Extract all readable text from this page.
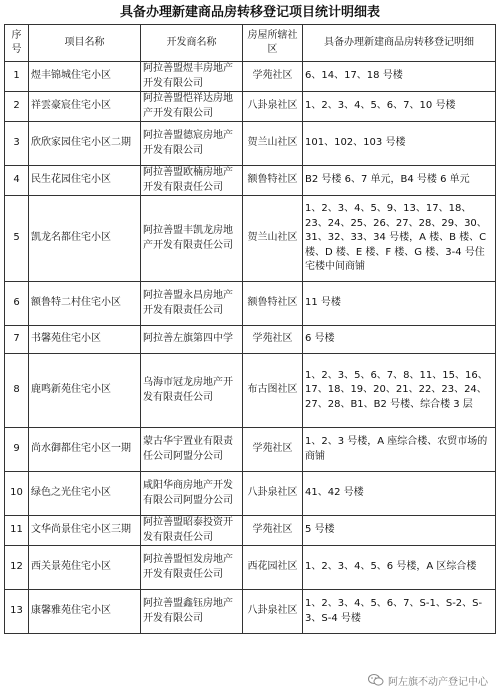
具备办理新建商品房转移登记项目统计明细表
序号	项目名称	开发商名称	房屋所辖社区	具备办理新建商品房转移登记明细
1	煜丰锦城住宅小区	阿拉善盟煜丰房地产开发有限公司	学苑社区	6、14、17、18 号楼
2	祥雲豪宸住宅小区	阿拉善盟恺祥达房地产开发有限公司	八卦泉社区	1、2、3、4、5、6、7、10 号楼
3	欣欣家园住宅小区二期	阿拉善盟德宸房地产开发有限公司	贺兰山社区	101、102、103 号楼
4	民生花园住宅小区	阿拉善盟欧楠房地产开发有限责任公司	额鲁特社区	B2 号楼 6、7 单元，B4 号楼 6 单元
5	凯龙名都住宅小区	阿拉善盟丰凯龙房地产开发有限责任公司	贺兰山社区	1、2、3、4、5、9、13、17、18、23、24、25、26、27、28、29、30、31、32、33、34 号楼，A 楼、B 楼、C 楼、D 楼、E 楼、F 楼、G 楼、3-4 号住宅楼中间商铺
6	额鲁特二村住宅小区	阿拉善盟永昌房地产开发有限责任公司	额鲁特社区	11 号楼
7	书馨苑住宅小区	阿拉善左旗第四中学	学苑社区	6 号楼
8	鹿鸣新苑住宅小区	乌海市冠龙房地产开发有限责任公司	布古图社区	1、2、3、5、6、7、8、11、15、16、17、18、19、20、21、22、23、24、27、28、B1、B2 号楼、综合楼 3 层
9	尚水御都住宅小区一期	蒙古华宇置业有限责任公司阿盟分公司	学苑社区	1、2、3 号楼，A 座综合楼、农贸市场的商铺
10	绿色之光住宅小区	咸阳华商房地产开发有限公司阿盟分公司	八卦泉社区	41、42 号楼
11	文华尚景住宅小区三期	阿拉善盟昭泰投资开发有限责任公司	学苑社区	5 号楼
12	西关景苑住宅小区	阿拉善盟恒发房地产开发有限责任公司	西花园社区	1、2、3、4、5、6 号楼，A 区综合楼
13	康馨雅苑住宅小区	阿拉善盟鑫钰房地产开发有限公司	八卦泉社区	1、2、3、4、5、6、7、S-1、S-2、S-3、S-4 号楼
阿左旗不动产登记中心
